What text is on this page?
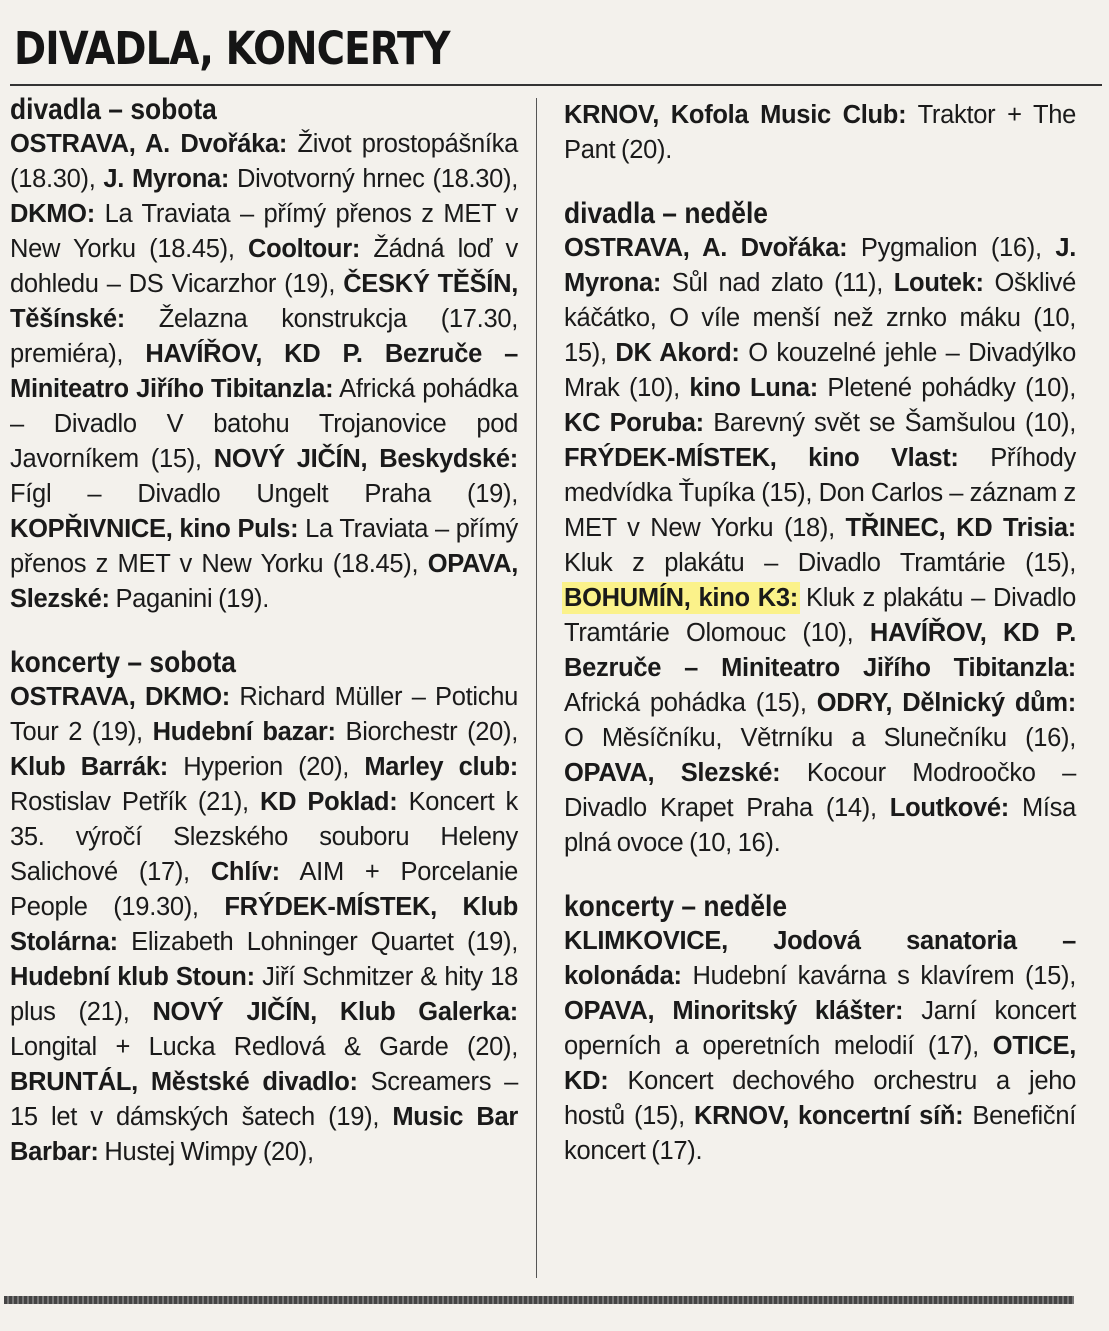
DIVADLA, KONCERTY
divadla – sobota

OSTRAVA, A. Dvořáka: Život prostopášníka (18.30), J. Myrona: Divotvorný hrnec (18.30), DKMO: La Traviata – přímý přenos z MET v New Yorku (18.45), Cooltour: Žádná loď v dohledu – DS Vicarzhor (19), ČESKÝ TĚŠÍN, Těšínské: Želazna konstrukcja (17.30, premiéra), HAVÍŘOV, KD P. Bezruče – Miniteatro Jiřího Tibitanzla: Africká pohádka – Divadlo V batohu Trojanovice pod Javorníkem (15), NOVÝ JIČÍN, Beskydské: Fígl – Divadlo Ungelt Praha (19), KOPŘIVNICE, kino Puls: La Traviata – přímý přenos z MET v New Yorku (18.45), OPAVA, Slezské: Paganini (19).

koncerty – sobota

OSTRAVA, DKMO: Richard Müller – Potichu Tour 2 (19), Hudební bazar: Biorchestr (20), Klub Barrák: Hyperion (20), Marley club: Rostislav Petřík (21), KD Poklad: Koncert k 35. výročí Slezského souboru Heleny Salichové (17), Chlív: AIM + Porcelanie People (19.30), FRÝDEK-MÍSTEK, Klub Stolárna: Elizabeth Lohninger Quartet (19), Hudební klub Stoun: Jiří Schmitzer & hity 18 plus (21), NOVÝ JIČÍN, Klub Galerka: Longital + Lucka Redlová & Garde (20), BRUNTÁL, Městské divadlo: Screamers – 15 let v dámských šatech (19), Music Bar Barbar: Hustej Wimpy (20),

KRNOV, Kofola Music Club: Traktor + The Pant (20).

divadla – neděle

OSTRAVA, A. Dvořáka: Pygmalion (16), J. Myrona: Sůl nad zlato (11), Loutek: Ošklivé káčátko, O víle menší než zrnko máku (10, 15), DK Akord: O kouzelné jehle – Divadýlko Mrak (10), kino Luna: Pletené pohádky (10), KC Poruba: Barevný svět se Šamšulou (10), FRÝDEK-MÍSTEK, kino Vlast: Příhody medvídka Ťupíka (15), Don Carlos – záznam z MET v New Yorku (18), TŘINEC, KD Trisia: Kluk z plakátu – Divadlo Tramtárie (15), BOHUMÍN, kino K3: Kluk z plakátu – Divadlo Tramtárie Olomouc (10), HAVÍŘOV, KD P. Bezruče – Miniteatro Jiřího Tibitanzla: Africká pohádka (15), ODRY, Dělnický dům: O Měsíčníku, Větrníku a Slunečníku (16), OPAVA, Slezské: Kocour Modroočko – Divadlo Krapet Praha (14), Loutkové: Mísa plná ovoce (10, 16).

koncerty – neděle

KLIMKOVICE, Jodová sanatoria – kolonáda: Hudební kavárna s klavírem (15), OPAVA, Minoritský klášter: Jarní koncert operních a operetních melodií (17), OTICE, KD: Koncert dechového orchestru a jeho hostů (15), KRNOV, koncertní síň: Benefiční koncert (17).
